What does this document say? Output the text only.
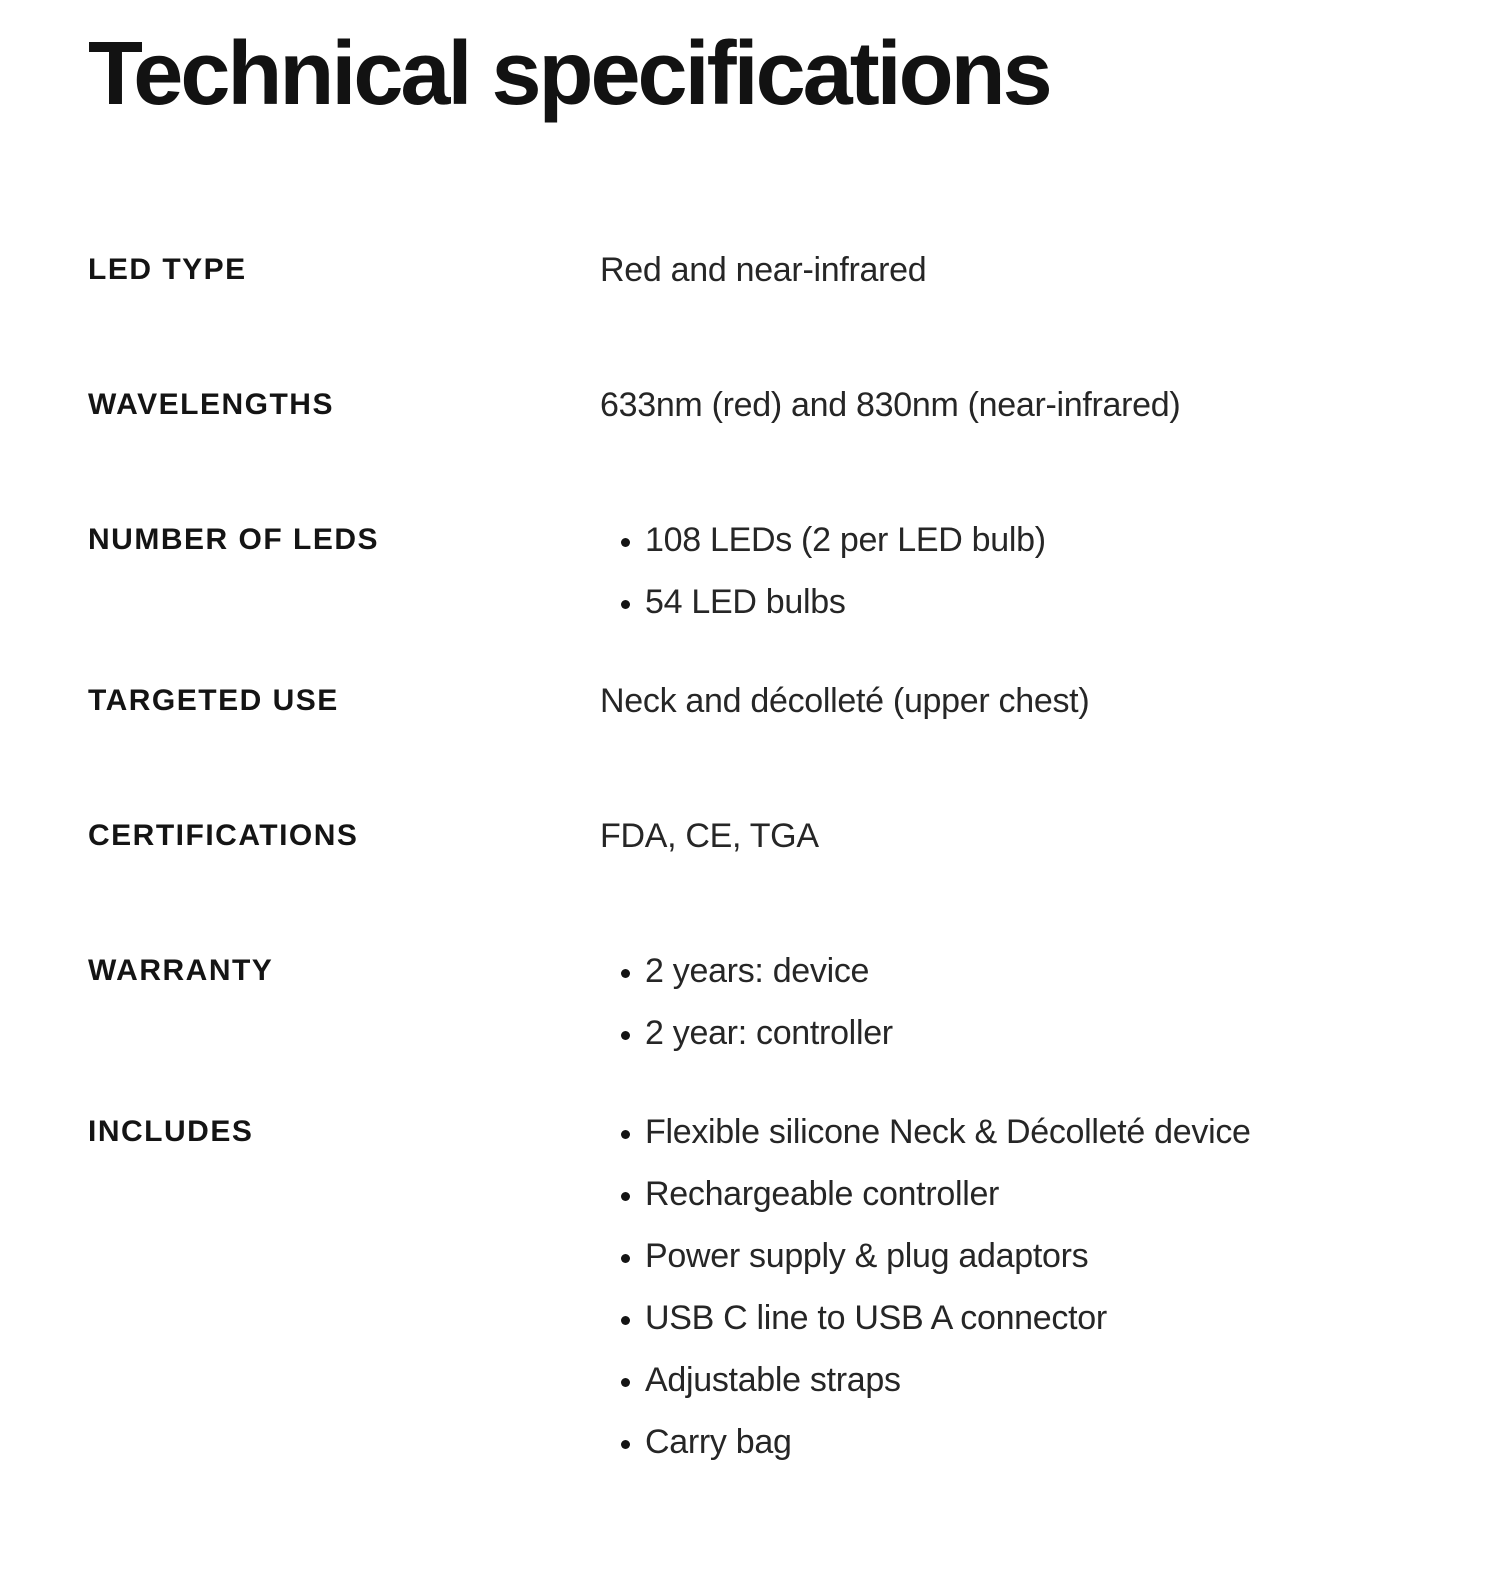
Technical specifications
LED TYPE	Red and near-infrared
WAVELENGTHS	633nm (red) and 830nm (near-infrared)
NUMBER OF LEDS	• 108 LEDs (2 per LED bulb)
• 54 LED bulbs
TARGETED USE	Neck and décolleté (upper chest)
CERTIFICATIONS	FDA, CE, TGA
WARRANTY	• 2 years: device
• 2 year: controller
INCLUDES	• Flexible silicone Neck & Décolleté device
• Rechargeable controller
• Power supply & plug adaptors
• USB C line to USB A connector
• Adjustable straps
• Carry bag
